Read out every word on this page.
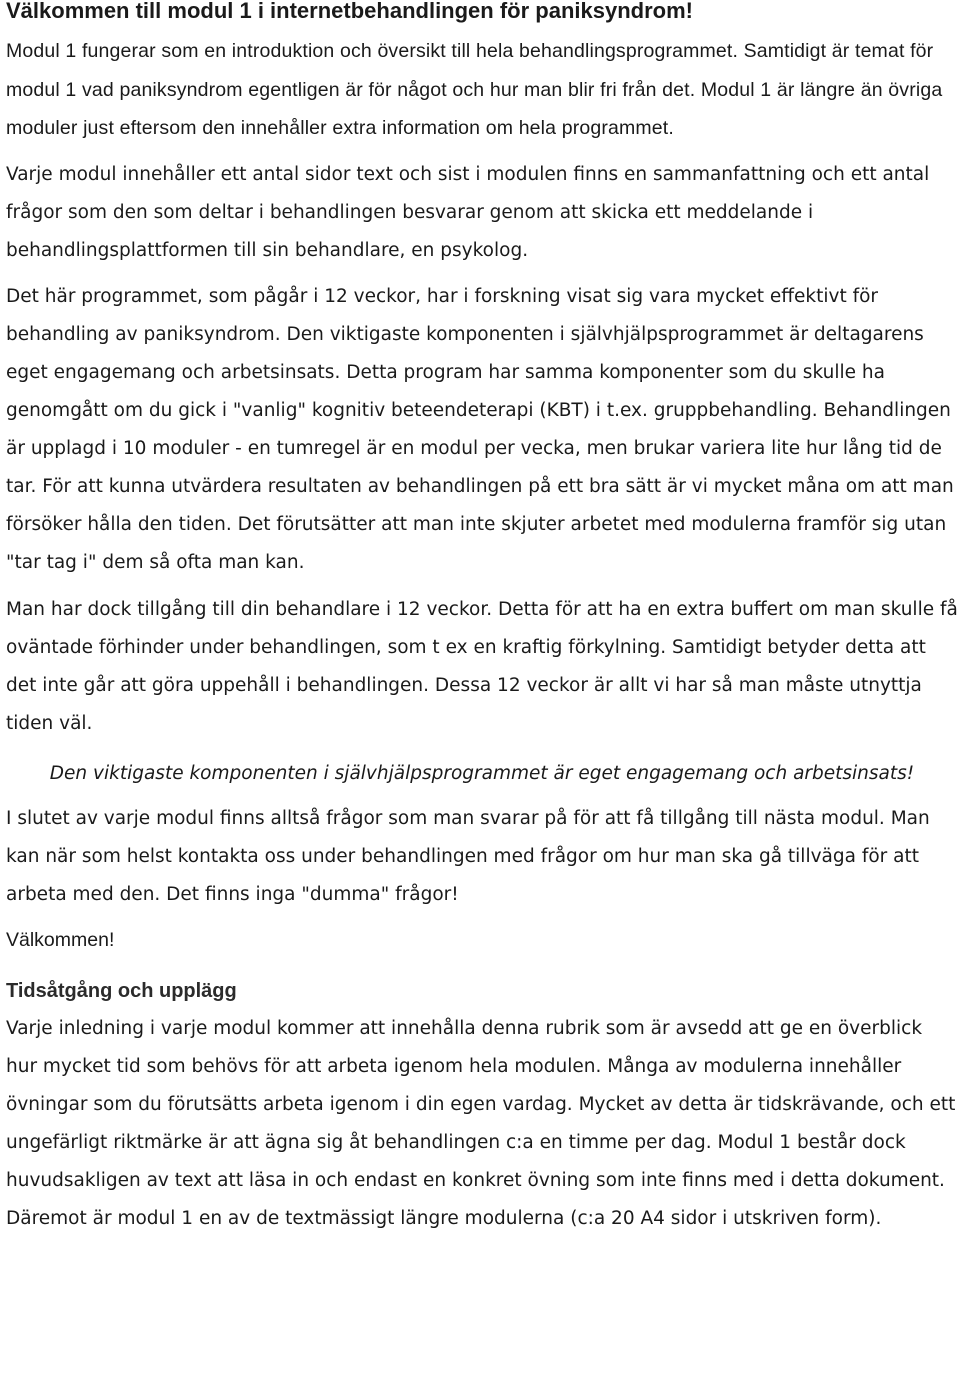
Välkommen till modul 1 i internetbehandlingen för paniksyndrom!

Modul 1 fungerar som en introduktion och översikt till hela behandlingsprogrammet. Samtidigt är temat för modul 1 vad paniksyndrom egentligen är för något och hur man blir fri från det. Modul 1 är längre än övriga moduler just eftersom den innehåller extra information om hela programmet.

Varje modul innehåller ett antal sidor text och sist i modulen finns en sammanfattning och ett antal frågor som den som deltar i behandlingen besvarar genom att skicka ett meddelande i behandlingsplattformen till sin behandlare, en psykolog.

Det här programmet, som pågår i 12 veckor, har i forskning visat sig vara mycket effektivt för behandling av paniksyndrom. Den viktigaste komponenten i självhjälpsprogrammet är deltagarens eget engagemang och arbetsinsats. Detta program har samma komponenter som du skulle ha genomgått om du gick i "vanlig" kognitiv beteendeterapi (KBT) i t.ex. gruppbehandling. Behandlingen är upplagd i 10 moduler - en tumregel är en modul per vecka, men brukar variera lite hur lång tid de tar. För att kunna utvärdera resultaten av behandlingen på ett bra sätt är vi mycket måna om att man försöker hålla den tiden. Det förutsätter att man inte skjuter arbetet med modulerna framför sig utan "tar tag i" dem så ofta man kan.

Man har dock tillgång till din behandlare i 12 veckor. Detta för att ha en extra buffert om man skulle få oväntade förhinder under behandlingen, som t ex en kraftig förkylning. Samtidigt betyder detta att det inte går att göra uppehåll i behandlingen. Dessa 12 veckor är allt vi har så man måste utnyttja tiden väl.

Den viktigaste komponenten i självhjälpsprogrammet är eget engagemang och arbetsinsats!

I slutet av varje modul finns alltså frågor som man svarar på för att få tillgång till nästa modul. Man kan när som helst kontakta oss under behandlingen med frågor om hur man ska gå tillväga för att arbeta med den. Det finns inga "dumma" frågor!

Välkommen!

Tidsåtgång och upplägg

Varje inledning i varje modul kommer att innehålla denna rubrik som är avsedd att ge en överblick hur mycket tid som behövs för att arbeta igenom hela modulen. Många av modulerna innehåller övningar som du förutsätts arbeta igenom i din egen vardag. Mycket av detta är tidskrävande, och ett ungefärligt riktmärke är att ägna sig åt behandlingen c:a en timme per dag. Modul 1 består dock huvudsakligen av text att läsa in och endast en konkret övning som inte finns med i detta dokument. Däremot är modul 1 en av de textmässigt längre modulerna (c:a 20 A4 sidor i utskriven form).
